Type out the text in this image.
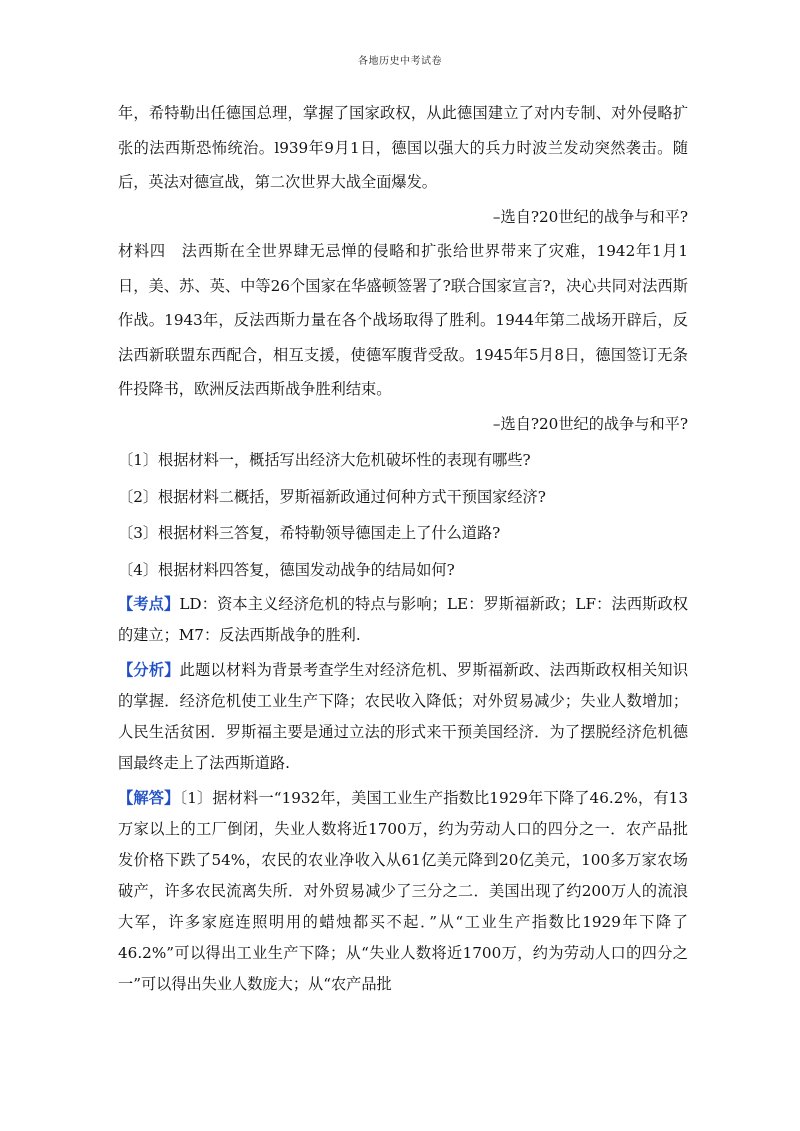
各地历史中考试卷

年，希特勒出任德国总理，掌握了国家政权，从此德国建立了对内专制、对外侵略扩张的法西斯恐怖统治。l939年9月1日，德国以强大的兵力时波兰发动突然袭击。随后，英法对德宣战，第二次世界大战全面爆发。

–选自?20世纪的战争与和平?

材料四　法西斯在全世界肆无忌惮的侵略和扩张给世界带来了灾难，1942年1月1日，美、苏、英、中等26个国家在华盛顿签署了?联合国家宣言?，决心共同对法西斯作战。1943年，反法西斯力量在各个战场取得了胜利。1944年第二战场开辟后，反法西新联盟东西配合，相互支援，使德军腹背受敌。1945年5月8日，德国签订无条件投降书，欧洲反法西斯战争胜利结束。

–选自?20世纪的战争与和平?

〔1〕根据材料一，概括写出经济大危机破坏性的表现有哪些?

〔2〕根据材料二概括，罗斯福新政通过何种方式干预国家经济?

〔3〕根据材料三答复，希特勒领导德国走上了什么道路?

〔4〕根据材料四答复，德国发动战争的结局如何?

【考点】LD：资本主义经济危机的特点与影响；LE：罗斯福新政；LF：法西斯政权的建立；M7：反法西斯战争的胜利.

【分析】此题以材料为背景考查学生对经济危机、罗斯福新政、法西斯政权相关知识的掌握．经济危机使工业生产下降；农民收入降低；对外贸易减少；失业人数增加；人民生活贫困．罗斯福主要是通过立法的形式来干预美国经济．为了摆脱经济危机德国最终走上了法西斯道路.

【解答】〔1〕据材料一“1932年，美国工业生产指数比1929年下降了46.2%，有13万家以上的工厂倒闭，失业人数将近1700万，约为劳动人口的四分之一．农产品批发价格下跌了54%，农民的农业净收入从61亿美元降到20亿美元，100多万家农场破产，许多农民流离失所．对外贸易减少了三分之二．美国出现了约200万人的流浪大军，许多家庭连照明用的蜡烛都买不起．”从“工业生产指数比1929年下降了46.2%”可以得出工业生产下降；从“失业人数将近1700万，约为劳动人口的四分之一”可以得出失业人数庞大；从“农产品批
